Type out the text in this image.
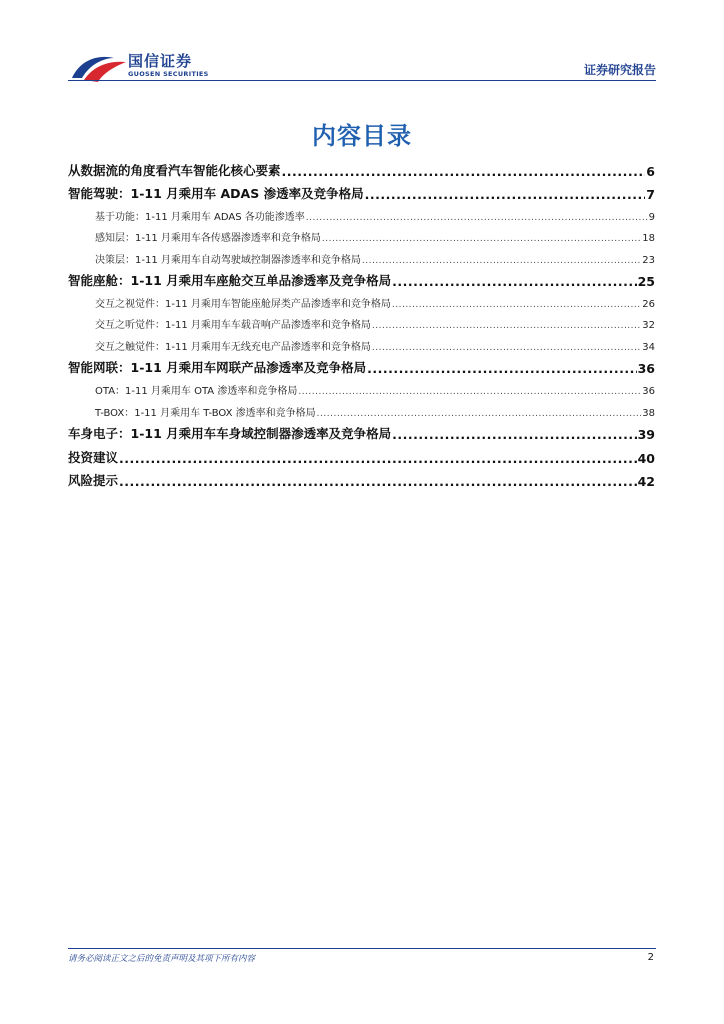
国信证券
GUOSEN SECURITIES	证券研究报告
内容目录
从数据流的角度看汽车智能化核心要素 .....	6
智能驾驶：1-11 月乘用车 ADAS 渗透率及竞争格局 .....	7
基于功能：1-11 月乘用车 ADAS 各功能渗透率 .....	9
感知层：1-11 月乘用车各传感器渗透率和竞争格局 .....	18
决策层：1-11 月乘用车自动驾驶域控制器渗透率和竞争格局 .....	23
智能座舱：1-11 月乘用车座舱交互单品渗透率及竞争格局 .....	25
交互之视觉件：1-11 月乘用车智能座舱屏类产品渗透率和竞争格局 .....	26
交互之听觉件：1-11 月乘用车车载音响产品渗透率和竞争格局 .....	32
交互之触觉件：1-11 月乘用车无线充电产品渗透率和竞争格局 .....	34
智能网联：1-11 月乘用车网联产品渗透率及竞争格局 .....	36
OTA：1-11 月乘用车 OTA 渗透率和竞争格局 .....	36
T-BOX：1-11 月乘用车 T-BOX 渗透率和竞争格局 .....	38
车身电子：1-11 月乘用车车身域控制器渗透率及竞争格局 .....	39
投资建议 .....	40
风险提示 .....	42
请务必阅读正文之后的免责声明及其项下所有内容	2
